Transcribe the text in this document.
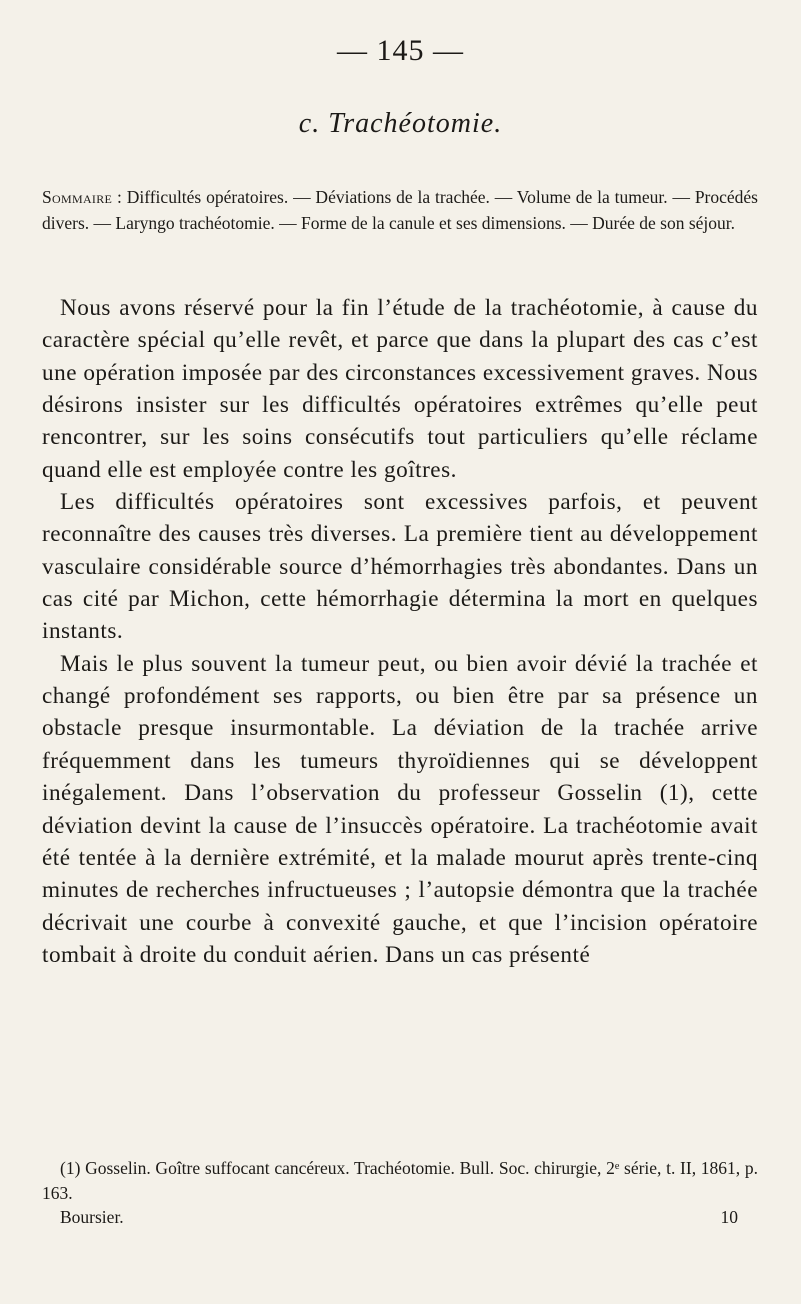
— 145 —
c. Trachéotomie.
Sommaire : Difficultés opératoires. — Déviations de la trachée. — Volume de la tumeur. — Procédés divers. — Laryngo trachéotomie. — Forme de la canule et ses dimensions. — Durée de son séjour.

Nous avons réservé pour la fin l’étude de la trachéotomie, à cause du caractère spécial qu’elle revêt, et parce que dans la plupart des cas c’est une opération imposée par des circonstances excessivement graves. Nous désirons insister sur les difficultés opératoires extrêmes qu’elle peut rencontrer, sur les soins consécutifs tout particuliers qu’elle réclame quand elle est employée contre les goîtres.

Les difficultés opératoires sont excessives parfois, et peuvent reconnaître des causes très diverses. La première tient au développement vasculaire considérable source d’hémorrhagies très abondantes. Dans un cas cité par Michon, cette hémorrhagie détermina la mort en quelques instants.

Mais le plus souvent la tumeur peut, ou bien avoir dévié la trachée et changé profondément ses rapports, ou bien être par sa présence un obstacle presque insurmontable. La déviation de la trachée arrive fréquemment dans les tumeurs thyroïdiennes qui se développent inégalement. Dans l’observation du professeur Gosselin (1), cette déviation devint la cause de l’insuccès opératoire. La trachéotomie avait été tentée à la dernière extrémité, et la malade mourut après trente-cinq minutes de recherches infructueuses ; l’autopsie démontra que la trachée décrivait une courbe à convexité gauche, et que l’incision opératoire tombait à droite du conduit aérien. Dans un cas présenté

(1) Gosselin. Goître suffocant cancéreux. Trachéotomie. Bull. Soc. chirurgie, 2ᵉ série, t. II, 1861, p. 163.
Boursier.	10
